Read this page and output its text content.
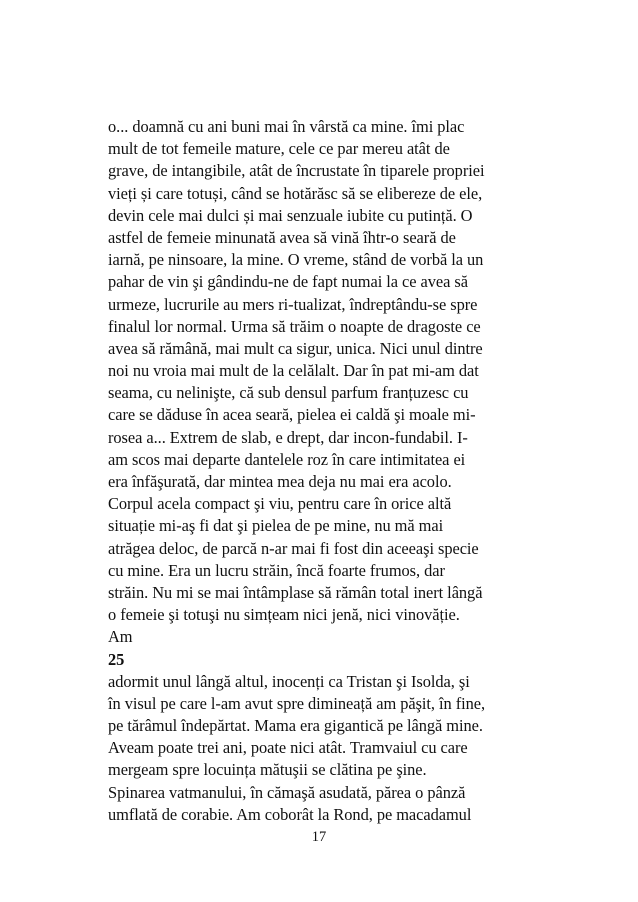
o... doamnă cu ani buni mai în vârstă ca mine. îmi plac
mult de tot femeile mature, cele ce par mereu atât de
grave, de intangibile, atât de încrustate în tiparele propriei
vieți și care totuși, când se hotărăsc să se elibereze de ele,
devin cele mai dulci și mai senzuale iubite cu putință. O
astfel de femeie minunată avea să vină îhtr-o seară de
iarnă, pe ninsoare, la mine. O vreme, stând de vorbă la un
pahar de vin şi gândindu-ne de fapt numai la ce avea să
urmeze, lucrurile au mers ri-tualizat, îndreptându-se spre
finalul lor normal. Urma să trăim o noapte de dragoste ce
avea să rămână, mai mult ca sigur, unica. Nici unul dintre
noi nu vroia mai mult de la celălalt. Dar în pat mi-am dat
seama, cu nelinişte, că sub densul parfum franțuzesc cu
care se dăduse în acea seară, pielea ei caldă şi moale mi-
rosea a... Extrem de slab, e drept, dar incon-fundabil. I-
am scos mai departe dantelele roz în care intimitatea ei
era înfăşurată, dar mintea mea deja nu mai era acolo.
Corpul acela compact şi viu, pentru care în orice altă
situație mi-aş fi dat şi pielea de pe mine, nu mă mai
atrăgea deloc, de parcă n-ar mai fi fost din aceeaşi specie
cu mine. Era un lucru străin, încă foarte frumos, dar
străin. Nu mi se mai întâmplase să rămân total inert lângă
o femeie şi totuşi nu simțeam nici jenă, nici vinovăție.
Am
25
adormit unul lângă altul, inocenți ca Tristan şi Isolda, şi
în visul pe care l-am avut spre dimineață am păşit, în fine,
pe tărâmul îndepărtat. Mama era gigantică pe lângă mine.
Aveam poate trei ani, poate nici atât. Tramvaiul cu care
mergeam spre locuința mătuşii se clătina pe şine.
Spinarea vatmanului, în cămaşă asudată, părea o pânză
umflată de corabie. Am coborât la Rond, pe macadamul
17
